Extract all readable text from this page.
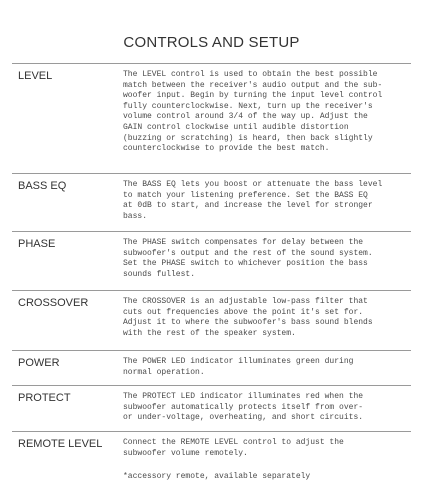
CONTROLS AND SETUP
LEVEL	The LEVEL control is used to obtain the best possible
match between the receiver's audio output and the sub-
woofer input. Begin by turning the input level control
fully counterclockwise. Next, turn up the receiver's
volume control around 3/4 of the way up. Adjust the
GAIN control clockwise until audible distortion
(buzzing or scratching) is heard, then back slightly
counterclockwise to provide the best match.
BASS EQ	The BASS EQ lets you boost or attenuate the bass level
to match your listening preference. Set the BASS EQ
at 0dB to start, and increase the level for stronger
bass.
PHASE	The PHASE switch compensates for delay between the
subwoofer's output and the rest of the sound system.
Set the PHASE switch to whichever position the bass
sounds fullest.
CROSSOVER	The CROSSOVER is an adjustable low-pass filter that
cuts out frequencies above the point it's set for.
Adjust it to where the subwoofer's bass sound blends
with the rest of the speaker system.
POWER	The POWER LED indicator illuminates green during
normal operation.
PROTECT	The PROTECT LED indicator illuminates red when the
subwoofer automatically protects itself from over-
or under-voltage, overheating, and short circuits.
REMOTE LEVEL	Connect the REMOTE LEVEL control to adjust the
subwoofer volume remotely.
*accessory remote, available separately
